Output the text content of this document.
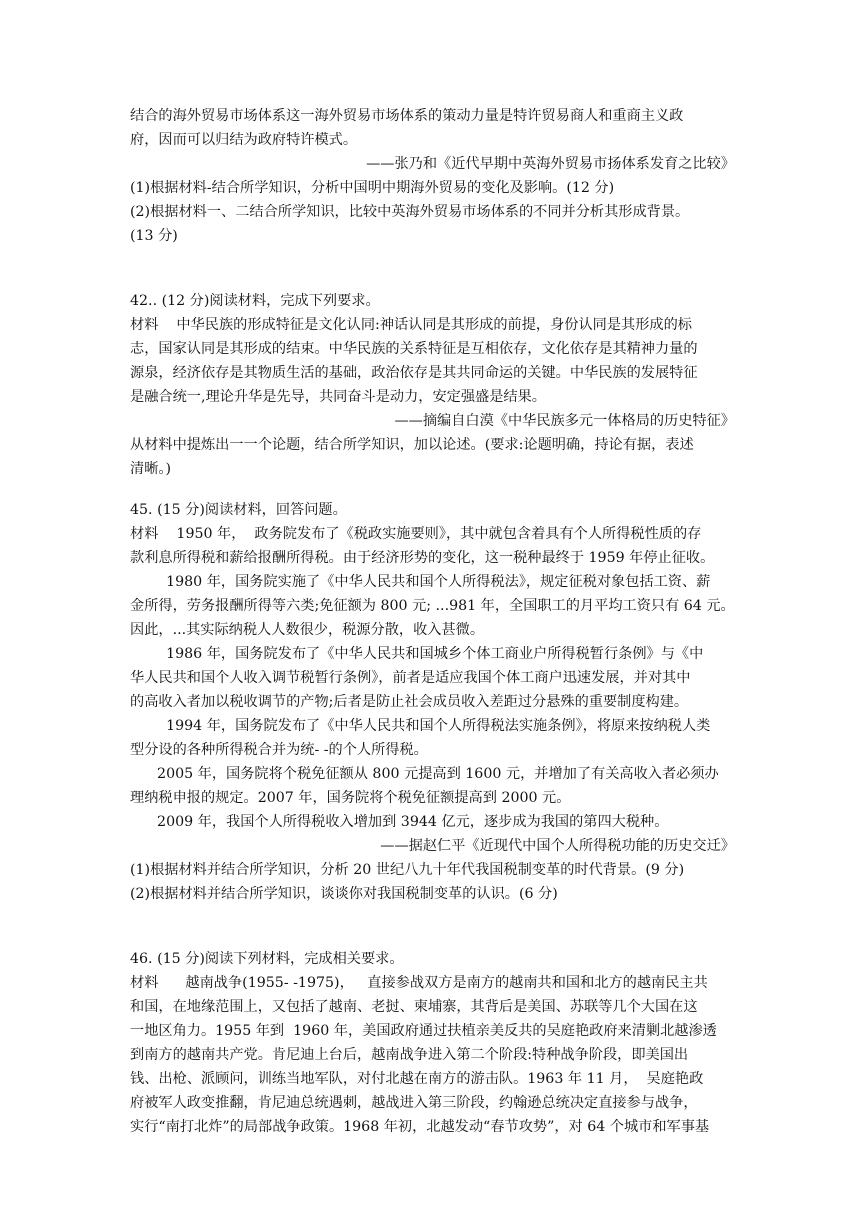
结合的海外贸易市场体系这一海外贸易市场体系的策动力量是特许贸易商人和重商主义政
府，因而可以归结为政府特许模式。
——张乃和《近代早期中英海外贸易市扬体系发育之比较》
(1)根据材料-结合所学知识，分析中国明中期海外贸易的变化及影响。(12 分)
(2)根据材料一、二结合所学知识，比较中英海外贸易市场体系的不同并分析其形成背景。
(13 分)
42.. (12 分)阅读材料，完成下列要求。
材料    中华民族的形成特征是文化认同:神话认同是其形成的前提，身份认同是其形成的标
志，国家认同是其形成的结束。中华民族的关系特征是互相依存，文化依存是其精神力量的
源泉，经济依存是其物质生活的基础，政治依存是其共同命运的关键。中华民族的发展特征
是融合统一,理论升华是先导，共同奋斗是动力，安定强盛是结果。
——摘编自白漠《中华民族多元一体格局的历史特征》
从材料中提炼出一一个论题，结合所学知识，加以论述。(要求:论题明确，持论有据，表述
清晰。)
45. (15 分)阅读材料，回答问题。
材料    1950 年，  政务院发布了《税政实施要则》，其中就包含着具有个人所得税性质的存
款利息所得税和薪给报酬所得税。由于经济形势的变化，这一税种最终于 1959 年停止征收。
1980 年，国务院实施了《中华人民共和国个人所得税法》，规定征税对象包括工资、薪
金所得，劳务报酬所得等六类;免征额为 800 元; ...981 年，全国职工的月平均工资只有 64 元。
因此，...其实际纳税人人数很少，税源分散，收入甚微。
1986 年，国务院发布了《中华人民共和国城乡个体工商业户所得税暂行条例》与《中
华人民共和国个人收入调节税暂行条例》，前者是适应我国个体工商户迅速发展，并对其中
的高收入者加以税收调节的产物;后者是防止社会成员收入差距过分悬殊的重要制度构建。
1994 年，国务院发布了《中华人民共和国个人所得税法实施条例》，将原来按纳税人类
型分设的各种所得税合并为统- -的个人所得税。
2005 年，国务院将个税免征额从 800 元提高到 1600 元，并增加了有关高收入者必须办
理纳税申报的规定。2007 年，国务院将个税免征额提高到 2000 元。
2009 年，我国个人所得税收入增加到 3944 亿元，逐步成为我国的第四大税种。
——据赵仁平《近现代中国个人所得税功能的历史交迁》
(1)根据材料并结合所学知识，分析 20 世纪八九十年代我国税制变革的时代背景。(9 分)
(2)根据材料并结合所学知识，谈谈你对我国税制变革的认识。(6 分)
46. (15 分)阅读下列材料，完成相关要求。
材料      越南战争(1955- -1975)，   直接参战双方是南方的越南共和国和北方的越南民主共
和国，在地缘范围上，又包括了越南、老挝、柬埔寨，其背后是美国、苏联等几个大国在这
一地区角力。1955 年到  1960 年，美国政府通过扶植亲美反共的吴庭艳政府来清剿北越渗透
到南方的越南共产党。肯尼迪上台后，越南战争进入第二个阶段:特种战争阶段，即美国出
钱、出枪、派顾问，训练当地军队，对付北越在南方的游击队。1963 年 11 月，  吴庭艳政
府被军人政变推翻，肯尼迪总统遇刺，越战进入第三阶段，约翰逊总统决定直接参与战争，
实行“南打北炸”的局部战争政策。1968 年初，北越发动“春节攻势”，对 64 个城市和军事基
